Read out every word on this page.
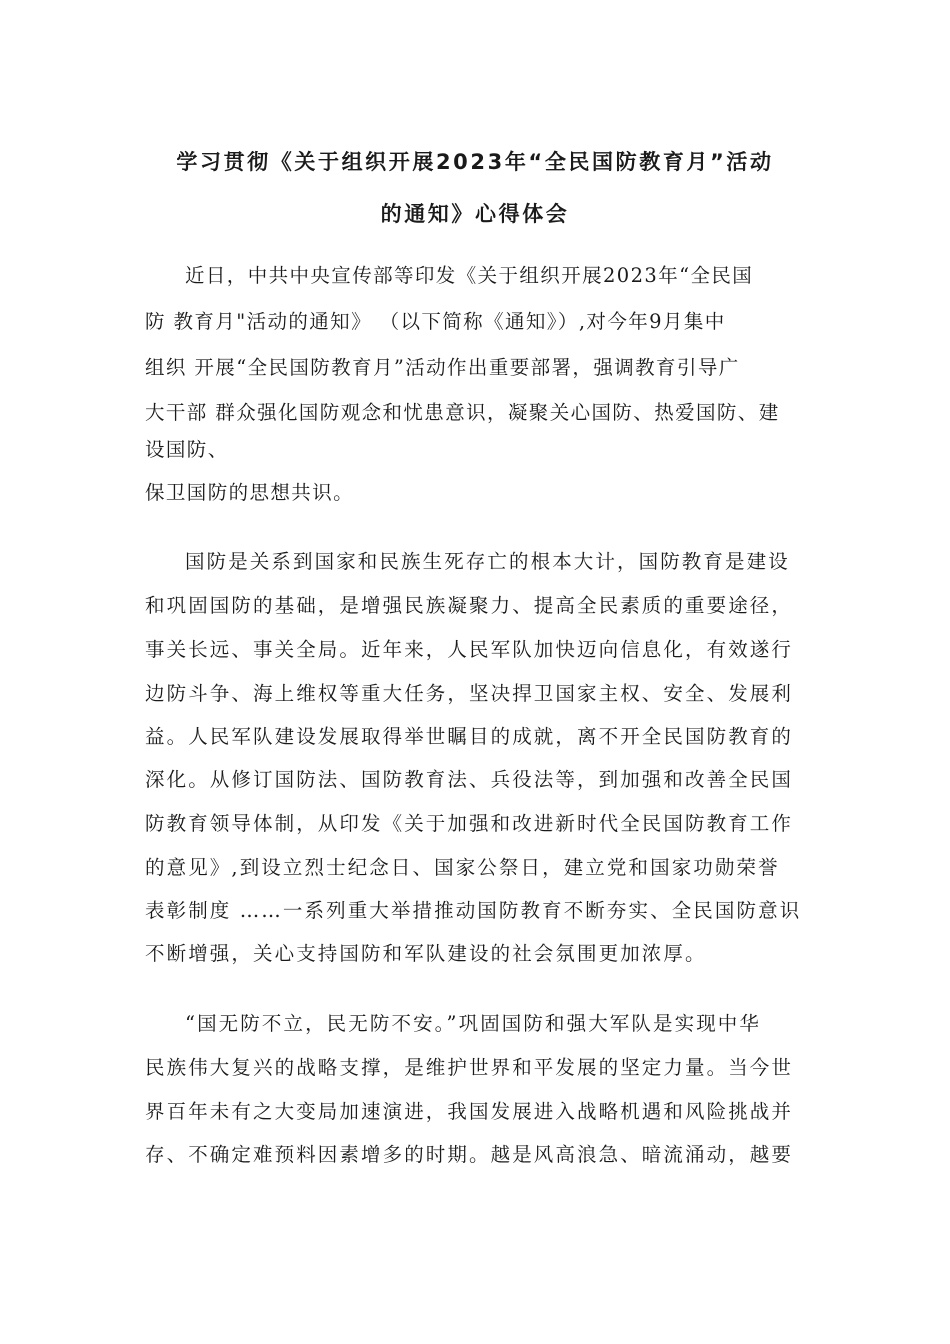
学习贯彻《关于组织开展2023年“全民国防教育月”活动
的通知》心得体会

近日，中共中央宣传部等印发《关于组织开展2023年“全民国

防 教育月"活动的通知》 （以下简称《通知》）,对今年9月集中

组织 开展“全民国防教育月”活动作出重要部署，强调教育引导广

大干部 群众强化国防观念和忧患意识，凝聚关心国防、热爱国防、建

设国防、

保卫国防的思想共识。

国防是关系到国家和民族生死存亡的根本大计，国防教育是建设

和巩固国防的基础，是增强民族凝聚力、提高全民素质的重要途径，

事关长远、事关全局。近年来，人民军队加快迈向信息化，有效遂行

边防斗争、海上维权等重大任务，坚决捍卫国家主权、安全、发展利

益。人民军队建设发展取得举世瞩目的成就，离不开全民国防教育的

深化。从修订国防法、国防教育法、兵役法等，到加强和改善全民国

防教育领导体制，从印发《关于加强和改进新时代全民国防教育工作

的意见》,到设立烈士纪念日、国家公祭日，建立党和国家功勋荣誉

表彰制度 ……一系列重大举措推动国防教育不断夯实、全民国防意识

不断增强，关心支持国防和军队建设的社会氛围更加浓厚。

“国无防不立，民无防不安。”巩固国防和强大军队是实现中华

民族伟大复兴的战略支撑，是维护世界和平发展的坚定力量。当今世

界百年未有之大变局加速演进，我国发展进入战略机遇和风险挑战并

存、不确定难预料因素增多的时期。越是风高浪急、暗流涌动，越要
